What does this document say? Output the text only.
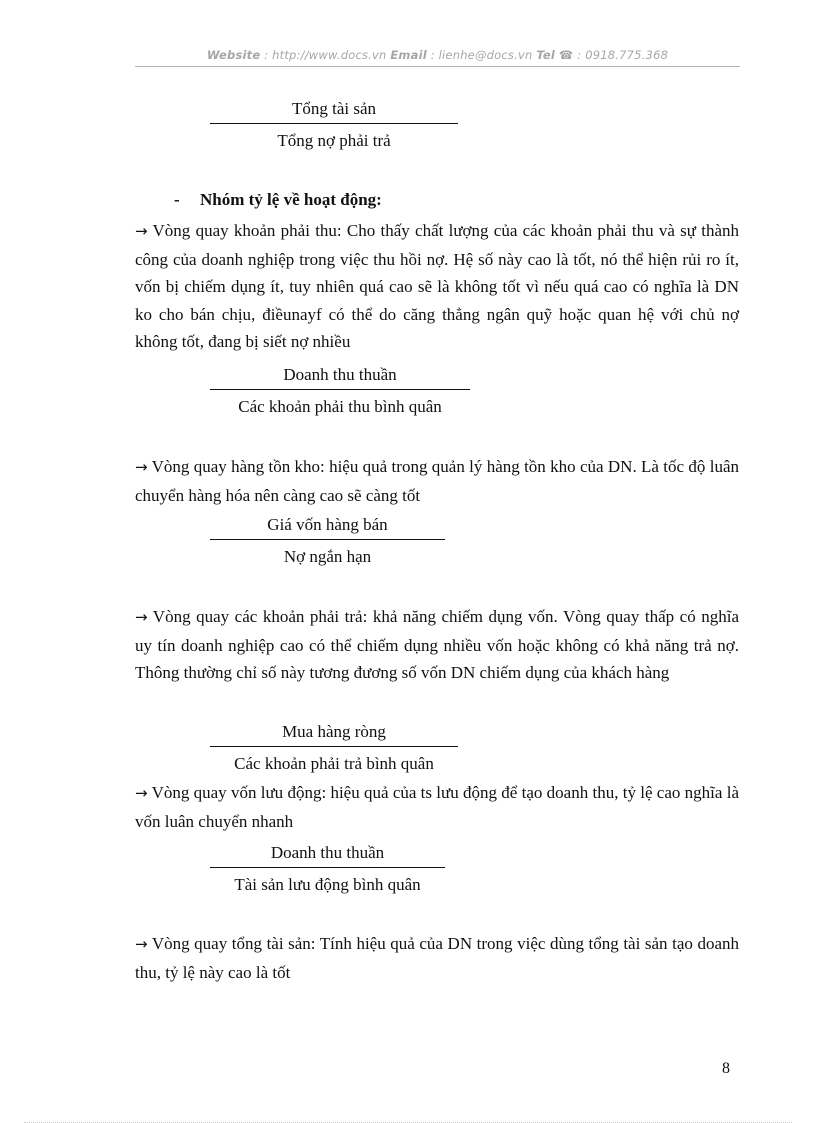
Website : http://www.docs.vn Email : lienhe@docs.vn Tel ☎ : 0918.775.368
Tổng tài sản
Tổng nợ phải trả
- Nhóm tỷ lệ về hoạt động:

→ Vòng quay khoản phải thu: Cho thấy chất lượng của các khoản phải thu và sự thành công của doanh nghiệp trong việc thu hồi nợ. Hệ số này cao là tốt, nó thể hiện rủi ro ít, vốn bị chiếm dụng ít, tuy nhiên quá cao sẽ là không tốt vì nếu quá cao có nghĩa là DN ko cho bán chịu, điềunayf có thể do căng thẳng ngân quỹ hoặc quan hệ với chủ nợ không tốt, đang bị siết nợ nhiều

Doanh thu thuần
Các khoản phải thu bình quân

→ Vòng quay hàng tồn kho: hiệu quả trong quản lý hàng tồn kho của DN. Là tốc độ luân chuyển hàng hóa nên càng cao sẽ càng tốt

Giá vốn hàng bán
Nợ ngắn hạn

→ Vòng quay các khoản phải trả: khả năng chiếm dụng vốn. Vòng quay thấp có nghĩa uy tín doanh nghiệp cao có thể chiếm dụng nhiều vốn hoặc không có khả năng trả nợ. Thông thường chỉ số này tương đương số vốn DN chiếm dụng của khách hàng

Mua hàng ròng
Các khoản phải trả bình quân

→ Vòng quay vốn lưu động: hiệu quả của ts lưu động để tạo doanh thu, tỷ lệ cao nghĩa là vốn luân chuyển nhanh

Doanh thu thuần
Tài sản lưu động bình quân

→ Vòng quay tổng tài sản: Tính hiệu quả của DN trong việc dùng tổng tài sản tạo doanh thu, tỷ lệ này cao là tốt

8
